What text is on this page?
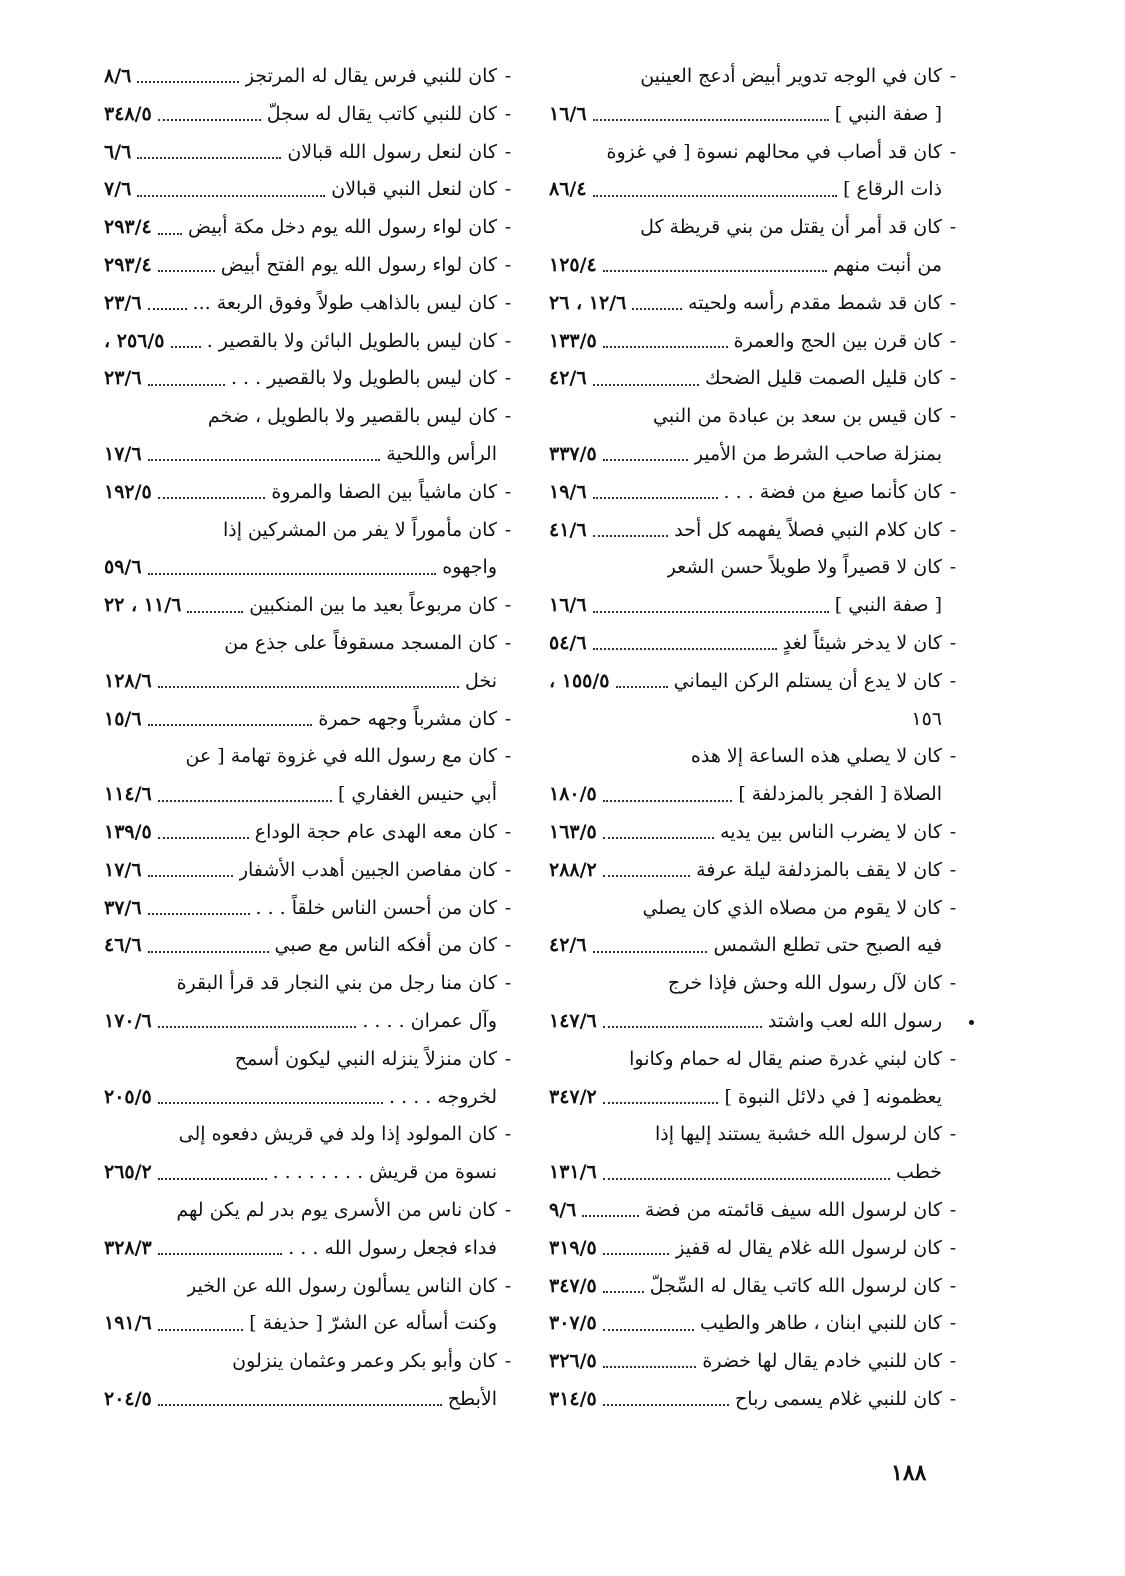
-
كان في الوجه تدوير أبيض أدعج العينين
[ صفة النبي ]
١٦/٦
-
كان قد أصاب في محالهم نسوة [ في غزوة
ذات الرقاع ]
٨٦/٤
-
كان قد أمر أن يقتل من بني قريظة كل
من أنبت منهم
١٢٥/٤
-
كان قد شمط مقدم رأسه ولحيته
١٢/٦ ، ٢٦
-
كان قرن بين الحج والعمرة
١٣٣/٥
-
كان قليل الصمت قليل الضحك
٤٢/٦
-
كان قيس بن سعد بن عبادة من النبي
بمنزلة صاحب الشرط من الأمير
٣٣٧/٥
-
كان كأنما صيغ من فضة . . .
١٩/٦
-
كان كلام النبي فصلاً يفهمه كل أحد
٤١/٦
-
كان لا قصيراً ولا طويلاً حسن الشعر
[ صفة النبي ]
١٦/٦
-
كان لا يدخر شيئاً لغدٍ
٥٤/٦
-
كان لا يدع أن يستلم الركن اليماني
١٥٥/٥ ،
١٥٦
-
كان لا يصلي هذه الساعة إلا هذه
الصلاة [ الفجر بالمزدلفة ]
١٨٠/٥
-
كان لا يضرب الناس بين يديه
١٦٣/٥
-
كان لا يقف بالمزدلفة ليلة عرفة
٢٨٨/٢
-
كان لا يقوم من مصلاه الذي كان يصلي
فيه الصبح حتى تطلع الشمس
٤٢/٦
-
كان لآل رسول الله وحش فإذا خرج
رسول الله لعب واشتد
١٤٧/٦
-
كان لبني غدرة صنم يقال له حمام وكانوا
يعظمونه [ في دلائل النبوة ]
٣٤٧/٢
-
كان لرسول الله خشبة يستند إليها إذا
خطب
١٣١/٦
-
كان لرسول الله سيف قائمته من فضة
٩/٦
-
كان لرسول الله غلام يقال له قفيز
٣١٩/٥
-
كان لرسول الله كاتب يقال له السِّجلّ
٣٤٧/٥
-
كان للنبي ابنان ، طاهر والطيب
٣٠٧/٥
-
كان للنبي خادم يقال لها خضرة
٣٢٦/٥
-
كان للنبي غلام يسمى رباح
٣١٤/٥
-
كان للنبي فرس يقال له المرتجز
٨/٦
-
كان للنبي كاتب يقال له سجلّ
٣٤٨/٥
-
كان لنعل رسول الله قبالان
٦/٦
-
كان لنعل النبي قبالان
٧/٦
-
كان لواء رسول الله يوم دخل مكة أبيض
٢٩٣/٤
-
كان لواء رسول الله يوم الفتح أبيض
٢٩٣/٤
-
كان ليس بالذاهب طولاً وفوق الربعة ...
٢٣/٦
-
كان ليس بالطويل البائن ولا بالقصير .
٢٥٦/٥ ،
-
كان ليس بالطويل ولا بالقصير . . .
٢٣/٦
-
كان ليس بالقصير ولا بالطويل ، ضخم
الرأس واللحية
١٧/٦
-
كان ماشياً بين الصفا والمروة
١٩٢/٥
-
كان مأموراً لا يفر من المشركين إذا
واجهوه
٥٩/٦
-
كان مربوعاً بعيد ما بين المنكبين
١١/٦ ، ٢٢
-
كان المسجد مسقوفاً على جذع من
نخل
١٢٨/٦
-
كان مشرباً وجهه حمرة
١٥/٦
-
كان مع رسول الله في غزوة تهامة [ عن
أبي حنيس الغفاري ]
١١٤/٦
-
كان معه الهدى عام حجة الوداع
١٣٩/٥
-
كان مفاصن الجبين أهدب الأشفار
١٧/٦
-
كان من أحسن الناس خلقاً . . .
٣٧/٦
-
كان من أفكه الناس مع صبي
٤٦/٦
-
كان منا رجل من بني النجار قد قرأ البقرة
وآل عمران . . . .
١٧٠/٦
-
كان منزلاً ينزله النبي ليكون أسمح
لخروجه . . . .
٢٠٥/٥
-
كان المولود إذا ولد في قريش دفعوه إلى
نسوة من قريش . . . . . . . .
٢٦٥/٢
-
كان ناس من الأسرى يوم بدر لم يكن لهم
فداء فجعل رسول الله . . .
٣٢٨/٣
-
كان الناس يسألون رسول الله عن الخير
وكنت أسأله عن الشرّ [ حذيفة ]
١٩١/٦
-
كان وأبو بكر وعمر وعثمان ينزلون
الأبطح
٢٠٤/٥
١٨٨
